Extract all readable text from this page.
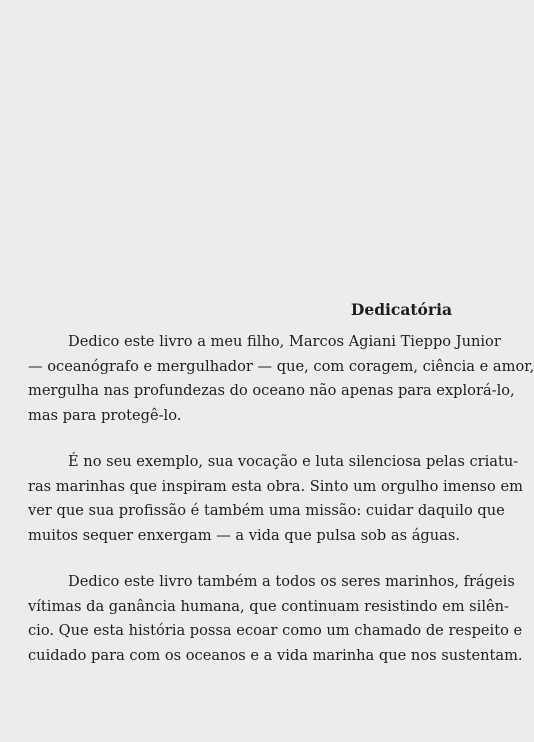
Dedicatória

Dedico este livro a meu filho, Marcos Agiani Tieppo Junior
— oceanógrafo e mergulhador — que, com coragem, ciência e amor,
mergulha nas profundezas do oceano não apenas para explorá-lo,
mas para protegê-lo.

É no seu exemplo, sua vocação e luta silenciosa pelas criatu-
ras marinhas que inspiram esta obra. Sinto um orgulho imenso em
ver que sua profissão é também uma missão: cuidar daquilo que
muitos sequer enxergam — a vida que pulsa sob as águas.

Dedico este livro também a todos os seres marinhos, frágeis
vítimas da ganância humana, que continuam resistindo em silên-
cio. Que esta história possa ecoar como um chamado de respeito e
cuidado para com os oceanos e a vida marinha que nos sustentam.
